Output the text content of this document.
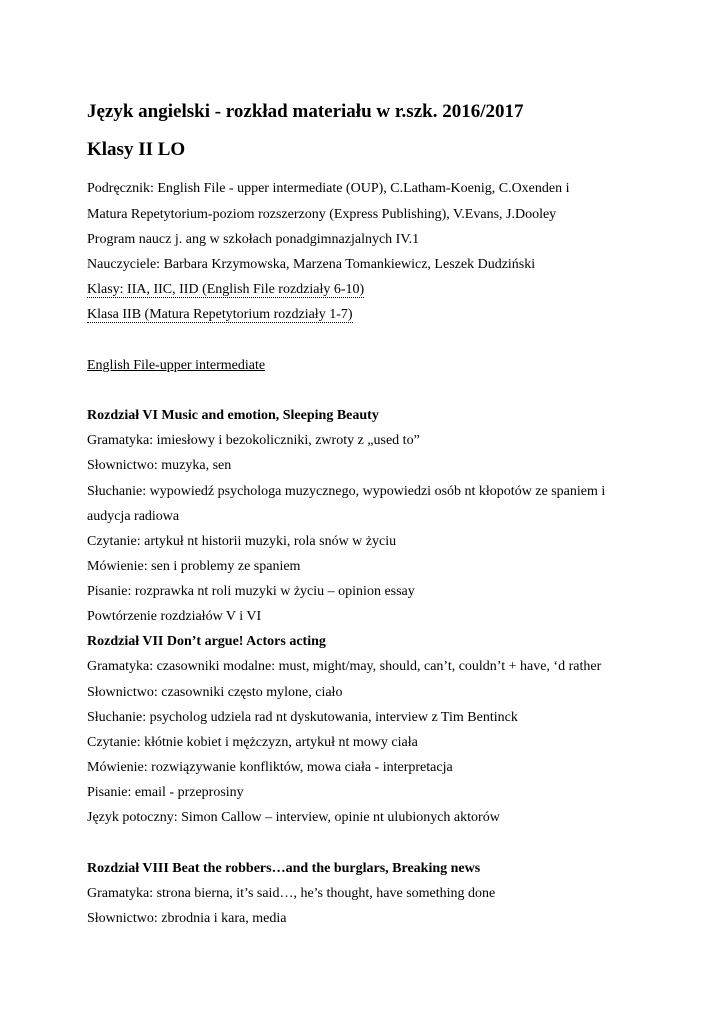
Język angielski - rozkład materiału w r.szk. 2016/2017
Klasy II LO
Podręcznik: English File - upper intermediate (OUP), C.Latham-Koenig, C.Oxenden i
Matura Repetytorium-poziom rozszerzony (Express Publishing), V.Evans, J.Dooley
Program naucz j. ang w szkołach ponadgimnazjalnych IV.1
Nauczyciele: Barbara Krzymowska, Marzena Tomankiewicz, Leszek Dudziński
Klasy: IIA, IIC, IID (English File rozdziały 6-10)
Klasa IIB (Matura Repetytorium rozdziały 1-7)
English File-upper intermediate
Rozdział VI Music and emotion, Sleeping Beauty
Gramatyka: imiesłowy i bezokoliczniki, zwroty z „used to”
Słownictwo: muzyka, sen
Słuchanie: wypowiedź psychologa muzycznego, wypowiedzi osób nt kłopotów ze spaniem i
audycja radiowa
Czytanie: artykuł nt historii muzyki, rola snów w życiu
Mówienie: sen i problemy ze spaniem
Pisanie: rozprawka nt roli muzyki w życiu – opinion essay
Powtórzenie rozdziałów V i VI
Rozdział VII Don’t argue! Actors acting
Gramatyka: czasowniki modalne: must, might/may, should, can’t, couldn’t + have, ‘d rather
Słownictwo: czasowniki często mylone, ciało
Słuchanie: psycholog udziela rad nt dyskutowania, interview z Tim Bentinck
Czytanie: kłótnie kobiet i mężczyzn, artykuł nt mowy ciała
Mówienie: rozwiązywanie konfliktów, mowa ciała - interpretacja
Pisanie: email - przeprosiny
Język potoczny: Simon Callow – interview, opinie nt ulubionych aktorów
Rozdział VIII Beat the robbers…and the burglars, Breaking news
Gramatyka: strona bierna, it’s said…, he’s thought, have something done
Słownictwo: zbrodnia i kara, media
